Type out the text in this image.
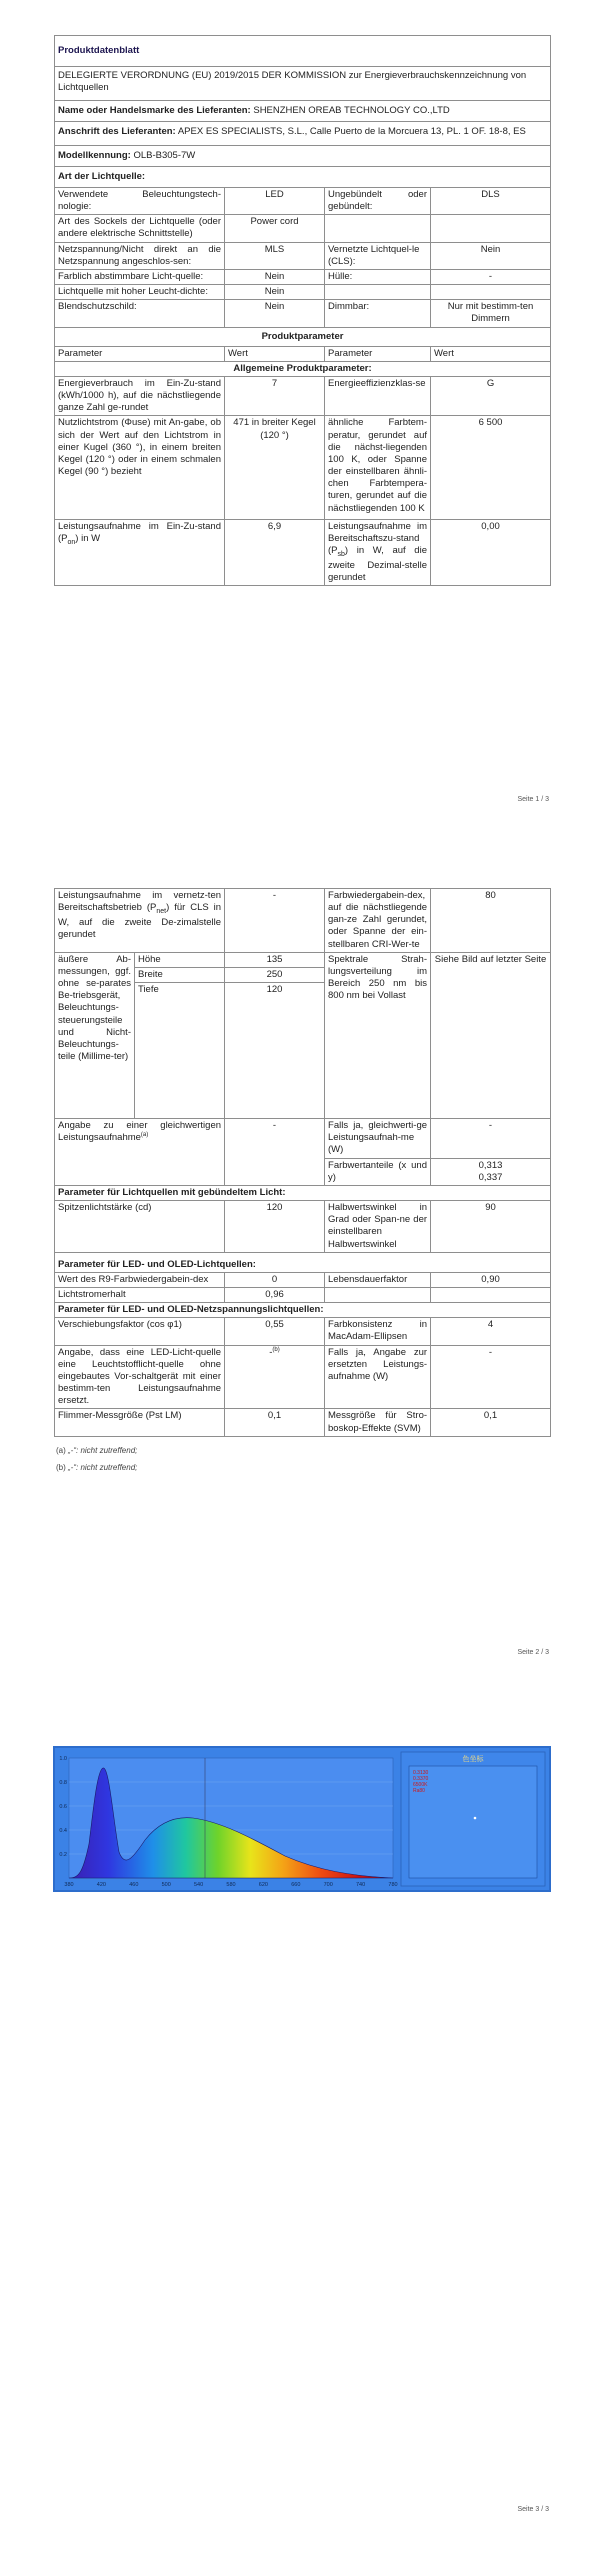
Produktdatenblatt			
DELEGIERTE VERORDNUNG (EU) 2019/2015 DER KOMMISSION zur Energieverbrauchskennzeichnung von Lichtquellen			
Name oder Handelsmarke des Lieferanten: SHENZHEN OREAB TECHNOLOGY CO.,LTD			
Anschrift des Lieferanten: APEX ES SPECIALISTS, S.L., Calle Puerto de la Morcuera 13, PL. 1 OF. 18-8, ES			
Modellkennung: OLB-B305-7W			
Art der Lichtquelle:			
Verwendete Beleuchtungstech-nologie:	LED	Ungebündelt oder gebündelt:	DLS
Art des Sockels der Lichtquelle (oder andere elektrische Schnittstelle)	Power cord		
Netzspannung/Nicht direkt an die Netzspannung angeschlos-sen:	MLS	Vernetzte Lichtquel-le (CLS):	Nein
Farblich abstimmbare Licht-quelle:	Nein	Hülle:	-
Lichtquelle mit hoher Leucht-dichte:	Nein		
Blendschutzschild:	Nein	Dimmbar:	Nur mit bestimm-ten Dimmern
Produktparameter			
Parameter	Wert	Parameter	Wert
Allgemeine Produktparameter:			
Energieverbrauch im Ein-Zu-stand (kWh/1000 h), auf die nächstliegende ganze Zahl ge-rundet	7	Energieeffizienzklas-se	G
Nutzlichtstrom (Φuse) mit An-gabe, ob sich der Wert auf den Lichtstrom in einer Kugel (360 °), in einem breiten Kegel (120 °) oder in einem schmalen Kegel (90 °) bezieht	471 in breiter Kegel (120 °)	ähnliche Farbtem-peratur, gerundet auf die nächst-liegenden 100 K, oder Spanne der einstellbaren ähnli-chen Farbtempera-turen, gerundet auf die nächstliegenden 100 K	6 500
Leistungsaufnahme im Ein-Zu-stand $(P_{on})$ in W	6,9	Leistungsaufnahme im Bereitschaftszu-stand $(P_{sb})$ in W, auf die zweite Dezimal-stelle gerundet	0,00
Seite 1 / 3
Leistungsaufnahme im vernetz-ten Bereitschaftsbetrieb $(P_{net})$ für CLS in W, auf die zweite De-zimalstelle gerundet		-	Farbwiedergabein-dex, auf die nächstliegende gan-ze Zahl gerundet, oder Spanne der ein-stellbaren CRI-Wer-te	80
äußere Ab-messungen, ggf. ohne se-parates Be-triebsgerät, Beleuchtungs-steuerungsteile und Nicht-Beleuchtungs-teile (Millime-ter)	Höhe	135	Spektrale Strah-lungsverteilung im Bereich 250 nm bis 800 nm bei Vollast	Siehe Bild auf letzter Seite
	Breite	250		
	Tiefe	120		
Angabe zu einer gleichwertigen Leistungsaufnahme$^{(a)}$		-	Falls ja, gleichwerti-ge Leistungsaufnah-me (W)	-
			Farbwertanteile (x und y)	0,313
0,337

Parameter für Lichtquellen mit gebündeltem Licht:				
Spitzenlichtstärke (cd)		120	Halbwertswinkel in Grad oder Span-ne der einstellbaren Halbwertswinkel	90
Parameter für LED- und OLED-Lichtquellen:				
Wert des R9-Farbwiedergabein-dex		0	Lebensdauerfaktor	0,90
Lichtstromerhalt		0,96		
Parameter für LED- und OLED-Netzspannungslichtquellen:				
Verschiebungsfaktor (cos φ1)		0,55	Farbkonsistenz in MacAdam-Ellipsen	4
Angabe, dass eine LED-Licht-quelle eine Leuchtstofflicht-quelle ohne eingebautes Vor-schaltgerät mit einer bestimm-ten Leistungsaufnahme ersetzt.		-$^{(b)}$	Falls ja, Angabe zur ersetzten Leistungs-aufnahme (W)	-
Flimmer-Messgröße (Pst LM)		0,1	Messgröße für Stro-boskop-Effekte (SVM)	0,1
(a) „-“: nicht zutreffend;
(b) „-“: nicht zutreffend;
Seite 2 / 3
380	420	460	500	540	580	620	660	700	740	780
1.0
0.8
0.6
0.4
0.2
色坐标
0.3130
0.3370
6500K
Ra80
Seite 3 / 3
